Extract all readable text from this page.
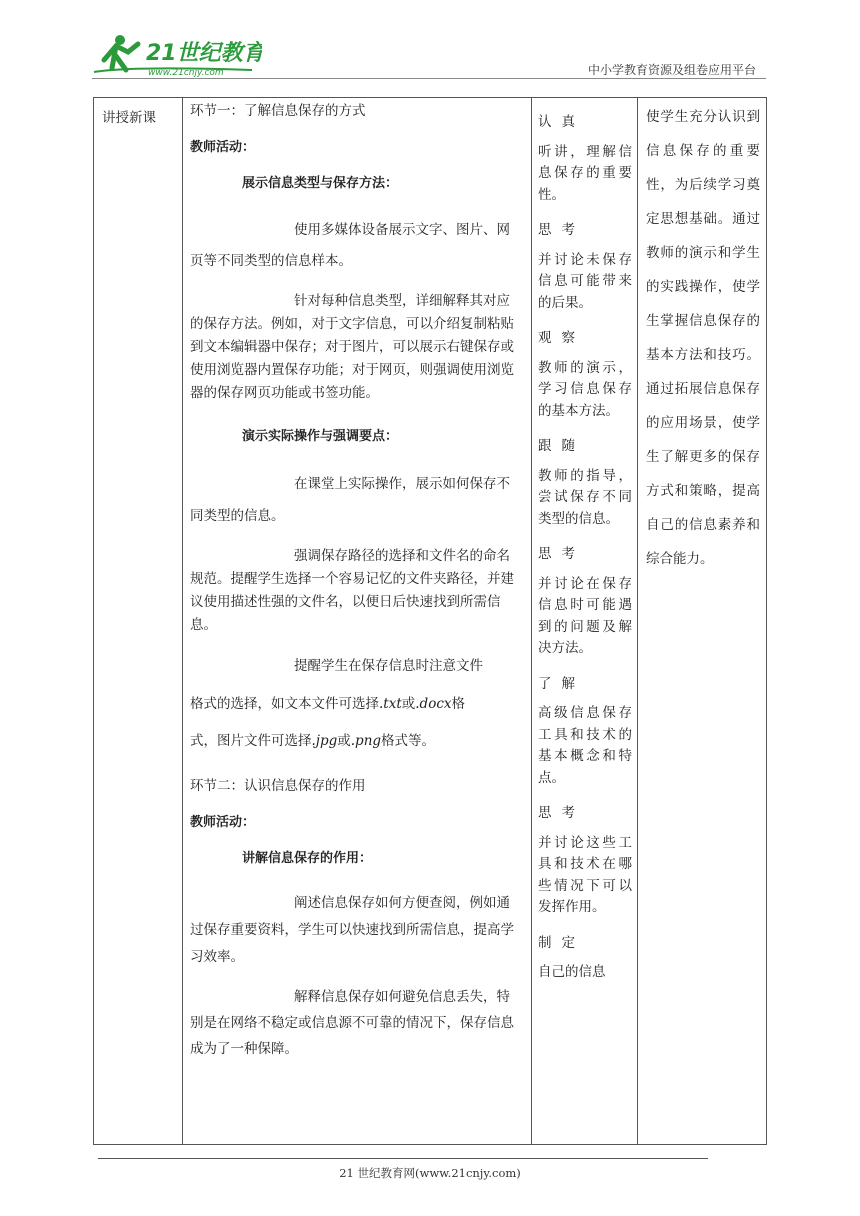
21世纪教育
www.21cnjy.com	中小学教育资源及组卷应用平台
讲授新课	环节一：了解信息保存的方式

教师活动：

展示信息类型与保存方法：

使用多媒体设备展示文字、图片、网页等不同类型的信息样本。

针对每种信息类型，详细解释其对应的保存方法。例如，对于文字信息，可以介绍复制粘贴到文本编辑器中保存；对于图片，可以展示右键保存或使用浏览器内置保存功能；对于网页，则强调使用浏览器的保存网页功能或书签功能。

演示实际操作与强调要点：

在课堂上实际操作，展示如何保存不同类型的信息。

强调保存路径的选择和文件名的命名规范。提醒学生选择一个容易记忆的文件夹路径，并建议使用描述性强的文件名，以便日后快速找到所需信息。

提醒学生在保存信息时注意文件

格式的选择，如文本文件可选择.txt或.docx格

式，图片文件可选择.jpg或.png格式等。

环节二：认识信息保存的作用

教师活动：

讲解信息保存的作用：

阐述信息保存如何方便查阅，例如通过保存重要资料，学生可以快速找到所需信息，提高学习效率。

解释信息保存如何避免信息丢失，特别是在网络不稳定或信息源不可靠的情况下，保存信息成为了一种保障。

认真
听讲，理解信息保存的重要性。
思考
并讨论未保存信息可能带来的后果。
观察
教师的演示，学习信息保存的基本方法。
跟随
教师的指导，尝试保存不同类型的信息。
思考
并讨论在保存信息时可能遇到的问题及解决方法。
了解
高级信息保存工具和技术的基本概念和特点。
思考
并讨论这些工具和技术在哪些情况下可以发挥作用。
制定
自己的信息
使学生充分认识到信息保存的重要性，为后续学习奠定思想基础。通过教师的演示和学生的实践操作，使学生掌握信息保存的基本方法和技巧。通过拓展信息保存的应用场景，使学生了解更多的保存方式和策略，提高自己的信息素养和综合能力。
21 世纪教育网(www.21cnjy.com)
